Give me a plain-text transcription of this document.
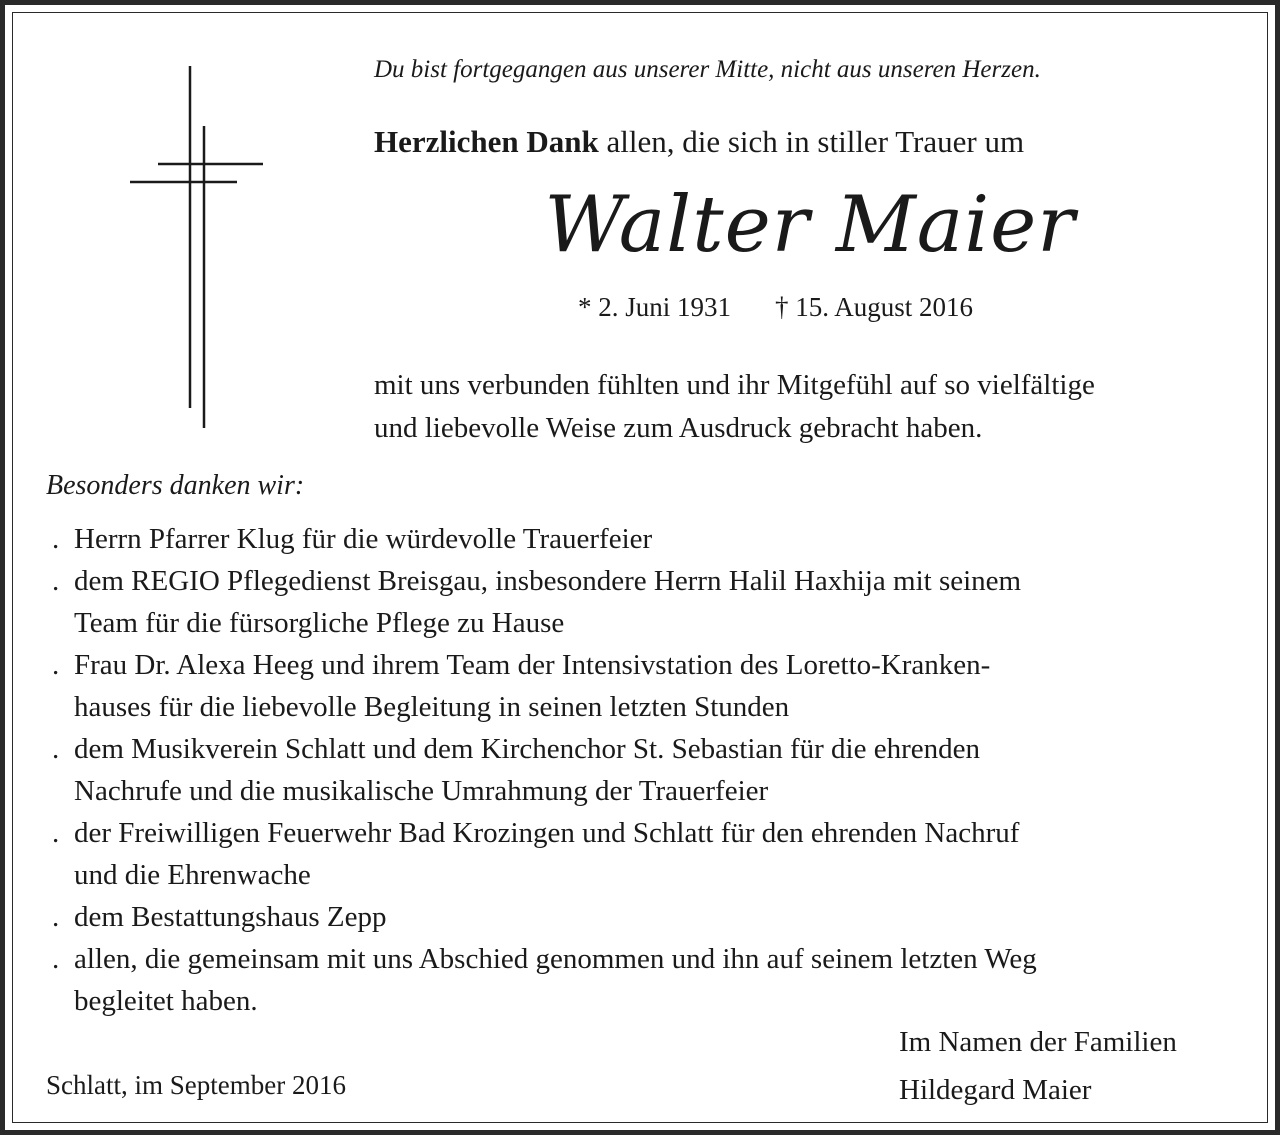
Du bist fortgegangen aus unserer Mitte, nicht aus unseren Herzen.
Herzlichen Dank allen, die sich in stiller Trauer um
Walter Maier
* 2. Juni 1931 † 15. August 2016

mit uns verbunden fühlten und ihr Mitgefühl auf so vielfältige

und liebevolle Weise zum Ausdruck gebracht haben.

Besonders danken wir:
. Herrn Pfarrer Klug für die würdevolle Trauerfeier
. dem REGIO Pflegedienst Breisgau, insbesondere Herrn Halil Haxhija mit seinem
Team für die fürsorgliche Pflege zu Hause
. Frau Dr. Alexa Heeg und ihrem Team der Intensivstation des Loretto-Kranken-
hauses für die liebevolle Begleitung in seinen letzten Stunden
. dem Musikverein Schlatt und dem Kirchenchor St. Sebastian für die ehrenden
Nachrufe und die musikalische Umrahmung der Trauerfeier
. der Freiwilligen Feuerwehr Bad Krozingen und Schlatt für den ehrenden Nachruf
und die Ehrenwache
. dem Bestattungshaus Zepp
. allen, die gemeinsam mit uns Abschied genommen und ihn auf seinem letzten Weg
begleitet haben.

Im Namen der Familien

Hildegard Maier

Schlatt, im September 2016
